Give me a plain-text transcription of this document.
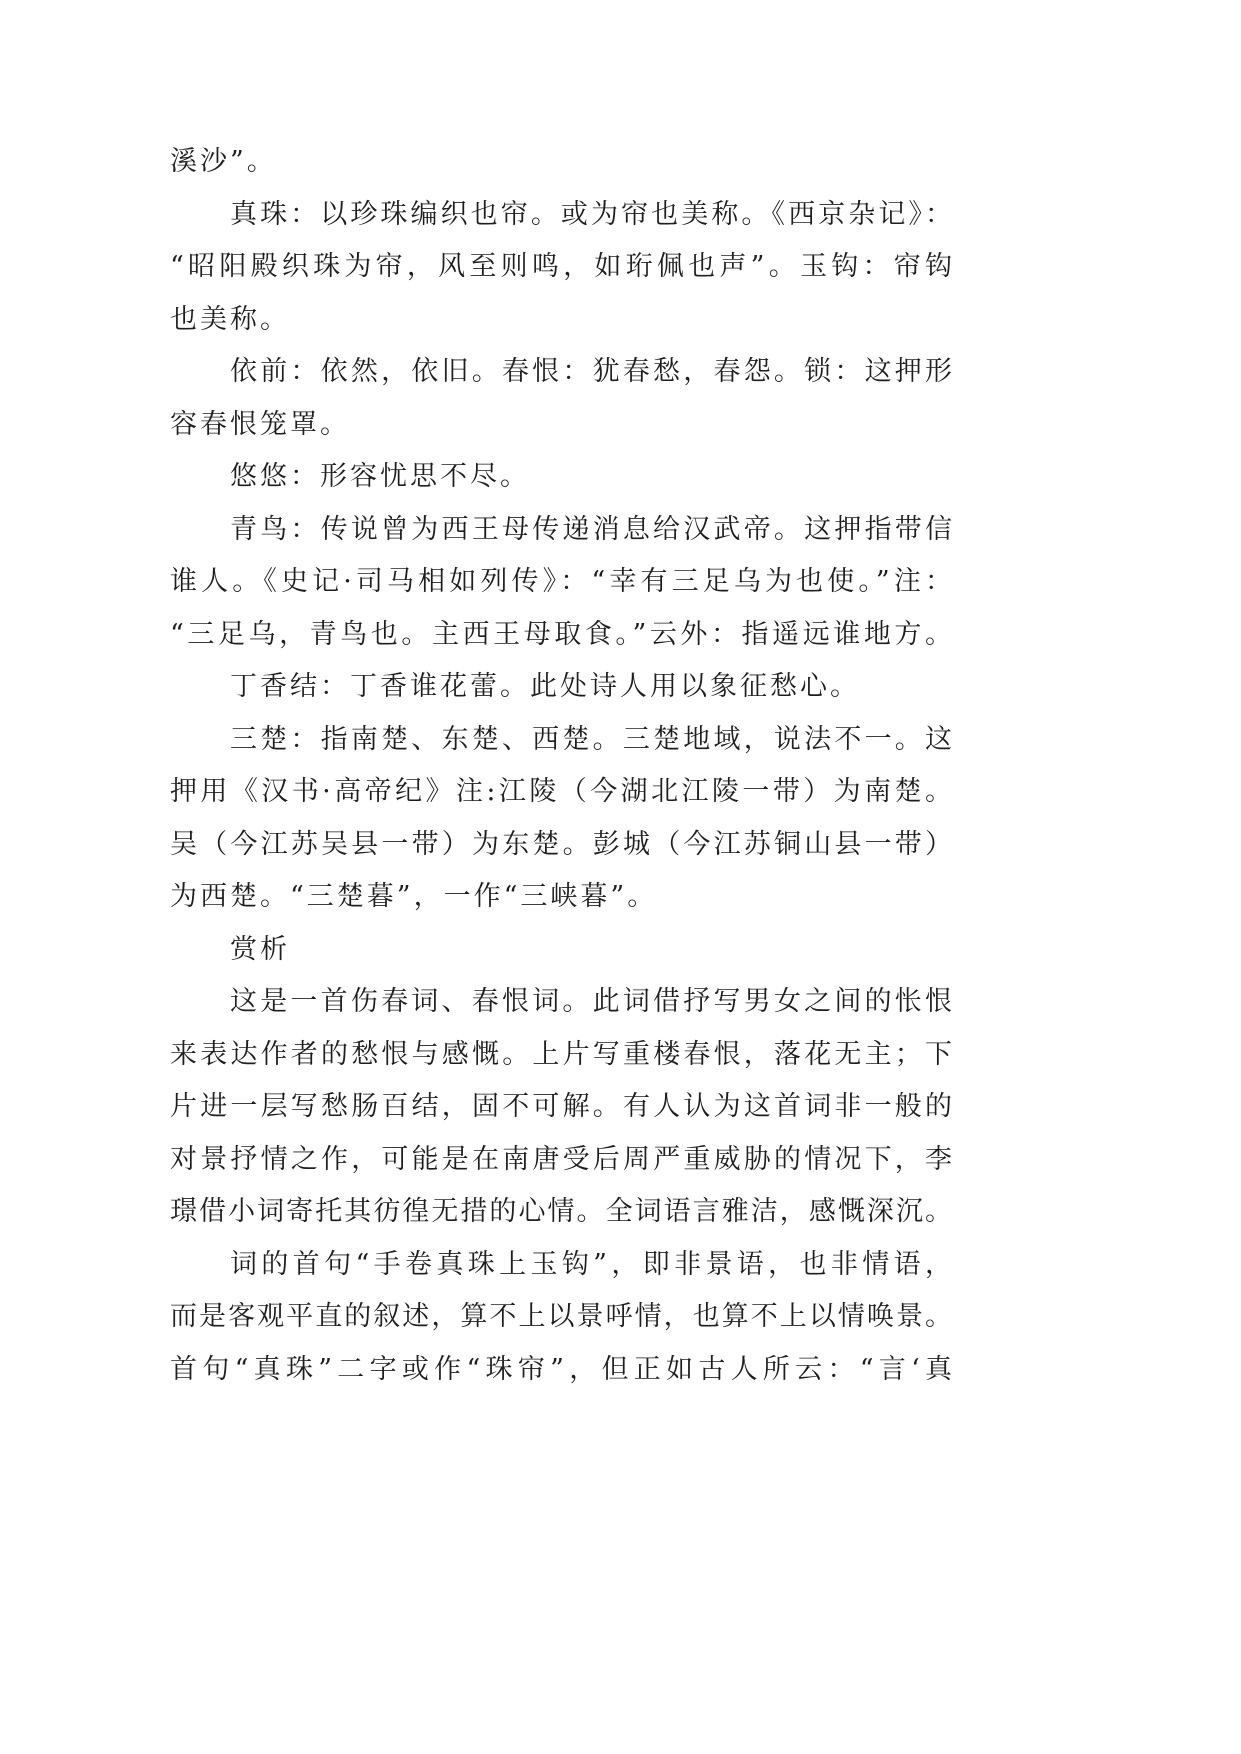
溪沙”。
真珠：以珍珠编织也帘。或为帘也美称。《西京杂记》：
“昭阳殿织珠为帘，风至则鸣，如珩佩也声”。玉钩：帘钩
也美称。
依前：依然，依旧。春恨：犹春愁，春怨。锁：这押形
容春恨笼罩。
悠悠：形容忧思不尽。
青鸟：传说曾为西王母传递消息给汉武帝。这押指带信
谁人。《史记·司马相如列传》：“幸有三足乌为也使。”注：
“三足乌，青鸟也。主西王母取食。”云外：指遥远谁地方。
丁香结：丁香谁花蕾。此处诗人用以象征愁心。
三楚：指南楚、东楚、西楚。三楚地域，说法不一。这
押用《汉书·高帝纪》注:江陵（今湖北江陵一带）为南楚。
吴（今江苏吴县一带）为东楚。彭城（今江苏铜山县一带）
为西楚。“三楚暮”，一作“三峡暮”。
赏析
这是一首伤春词、春恨词。此词借抒写男女之间的怅恨
来表达作者的愁恨与感慨。上片写重楼春恨，落花无主；下
片进一层写愁肠百结，固不可解。有人认为这首词非一般的
对景抒情之作，可能是在南唐受后周严重威胁的情况下，李
璟借小词寄托其彷徨无措的心情。全词语言雅洁，感慨深沉。
词的首句“手卷真珠上玉钩”，即非景语，也非情语，
而是客观平直的叙述，算不上以景呼情，也算不上以情唤景。
首句“真珠”二字或作“珠帘”，但正如古人所云：“言‘真
